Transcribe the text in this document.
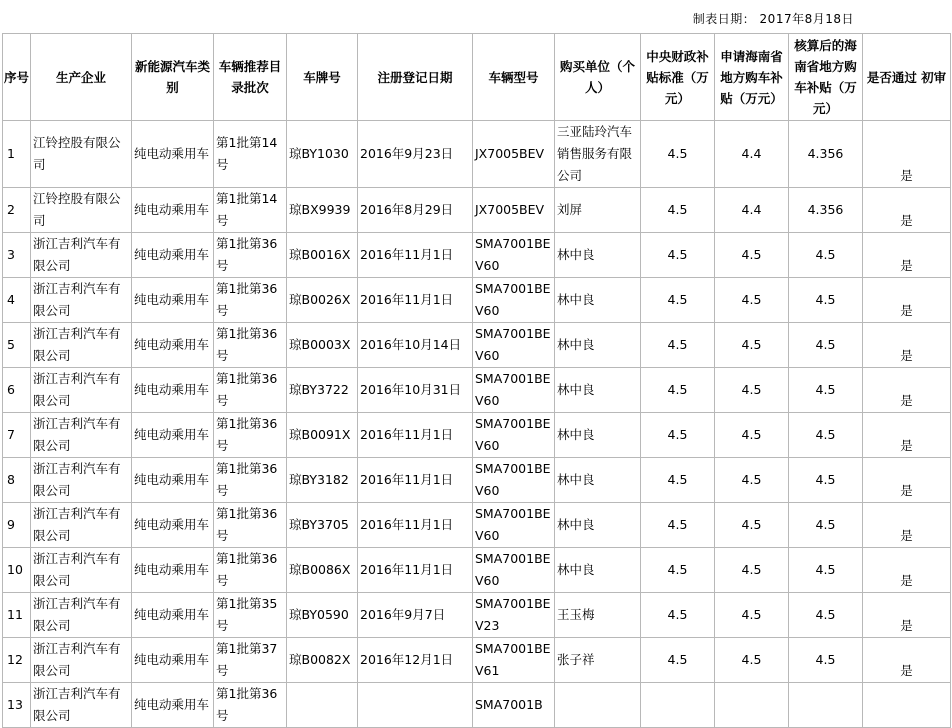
制表日期： 2017年8月18日
序号	生产企业	新能源汽车类别	车辆推荐目录批次	车牌号	注册登记日期	车辆型号	购买单位（个人）	中央财政补贴标准（万元）	申请海南省地方购车补贴（万元）	核算后的海南省地方购车补贴（万元）	是否通过 初审
1	江铃控股有限公司	纯电动乘用车	第1批第14号	琼BY1030	2016年9月23日	JX7005BEV	三亚陆玲汽车销售服务有限公司	4.5	4.4	4.356	是
2	江铃控股有限公司	纯电动乘用车	第1批第14号	琼BX9939	2016年8月29日	JX7005BEV	刘屏	4.5	4.4	4.356	是
3	浙江吉利汽车有限公司	纯电动乘用车	第1批第36号	琼B0016X	2016年11月1日	SMA7001BEV60	林中良	4.5	4.5	4.5	是
4	浙江吉利汽车有限公司	纯电动乘用车	第1批第36号	琼B0026X	2016年11月1日	SMA7001BEV60	林中良	4.5	4.5	4.5	是
5	浙江吉利汽车有限公司	纯电动乘用车	第1批第36号	琼B0003X	2016年10月14日	SMA7001BEV60	林中良	4.5	4.5	4.5	是
6	浙江吉利汽车有限公司	纯电动乘用车	第1批第36号	琼BY3722	2016年10月31日	SMA7001BEV60	林中良	4.5	4.5	4.5	是
7	浙江吉利汽车有限公司	纯电动乘用车	第1批第36号	琼B0091X	2016年11月1日	SMA7001BEV60	林中良	4.5	4.5	4.5	是
8	浙江吉利汽车有限公司	纯电动乘用车	第1批第36号	琼BY3182	2016年11月1日	SMA7001BEV60	林中良	4.5	4.5	4.5	是
9	浙江吉利汽车有限公司	纯电动乘用车	第1批第36号	琼BY3705	2016年11月1日	SMA7001BEV60	林中良	4.5	4.5	4.5	是
10	浙江吉利汽车有限公司	纯电动乘用车	第1批第36号	琼B0086X	2016年11月1日	SMA7001BEV60	林中良	4.5	4.5	4.5	是
11	浙江吉利汽车有限公司	纯电动乘用车	第1批第35号	琼BY0590	2016年9月7日	SMA7001BEV23	王玉梅	4.5	4.5	4.5	是
12	浙江吉利汽车有限公司	纯电动乘用车	第1批第37号	琼B0082X	2016年12月1日	SMA7001BEV61	张子祥	4.5	4.5	4.5	是
13	浙江吉利汽车有限公司	纯电动乘用车	第1批第36号			SMA7001B					
